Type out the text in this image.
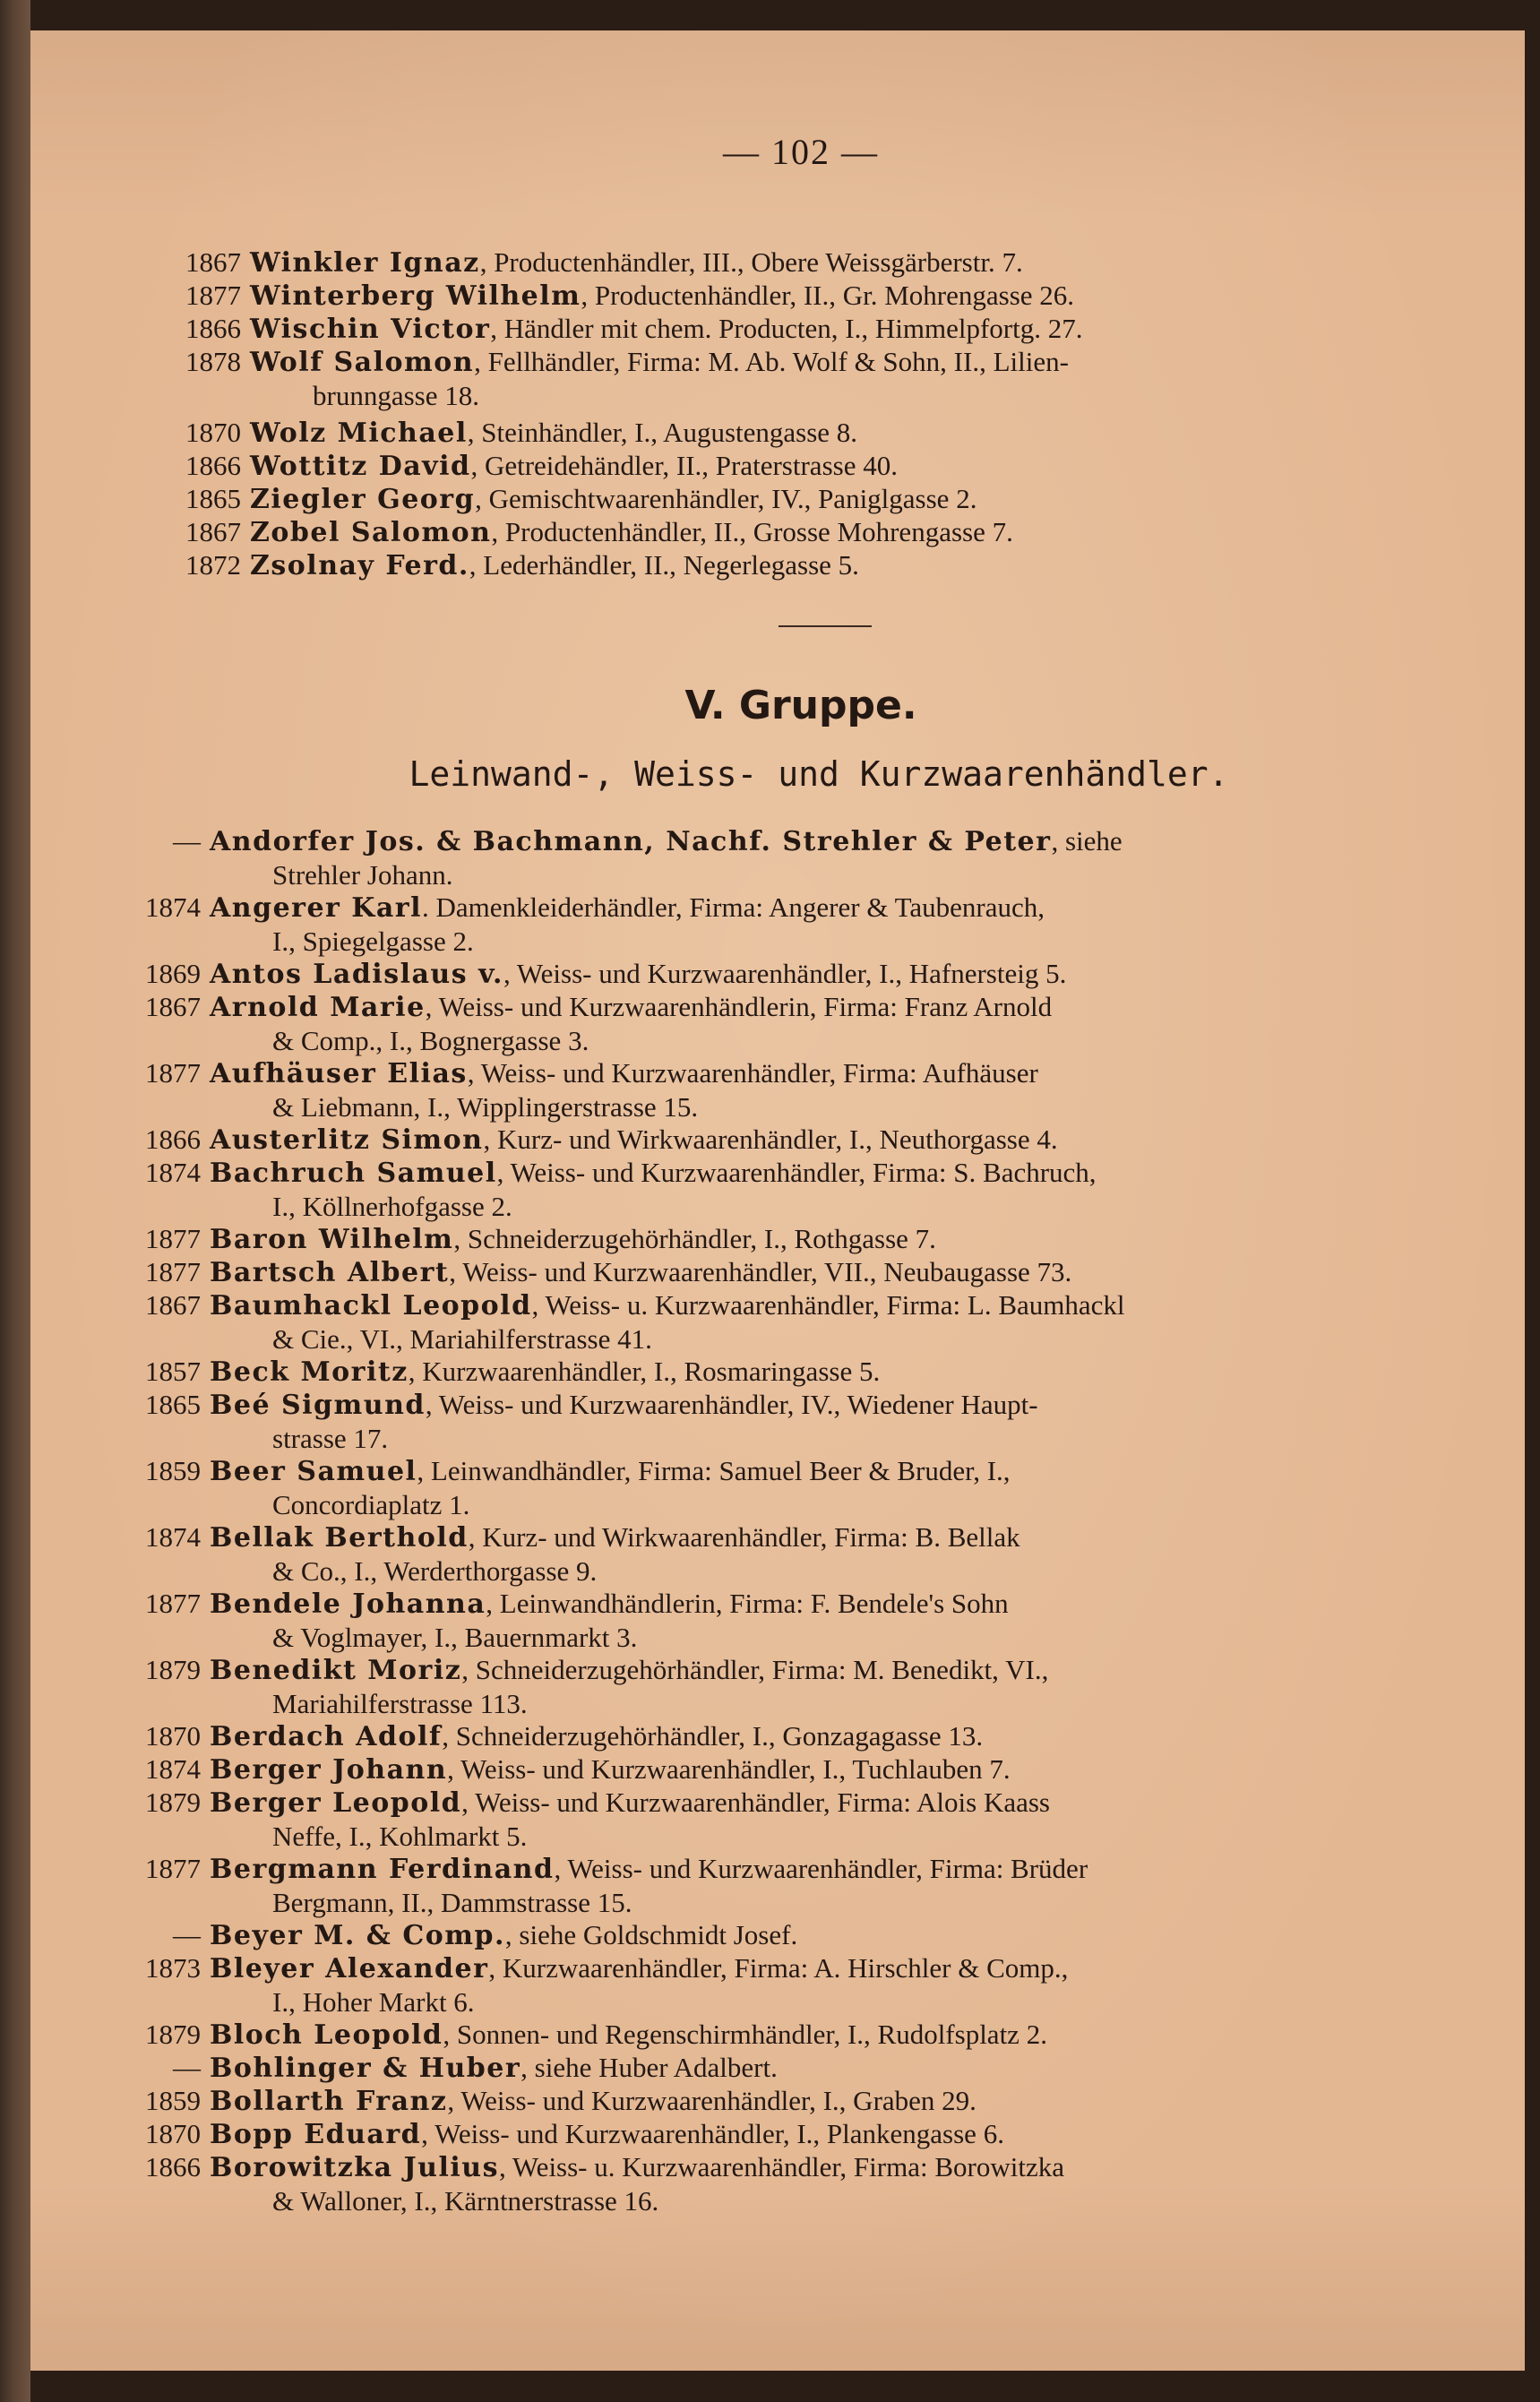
— 102 —
1867 Winkler Ignaz, Productenhändler, III., Obere Weissgärberstr. 7.
1877 Winterberg Wilhelm, Productenhändler, II., Gr. Mohrengasse 26.
1866 Wischin Victor, Händler mit chem. Producten, I., Himmelpfortg. 27.
1878 Wolf Salomon, Fellhändler, Firma: M. Ab. Wolf & Sohn, II., Lilien-
brunngasse 18.
1870 Wolz Michael, Steinhändler, I., Augustengasse 8.
1866 Wottitz David, Getreidehändler, II., Praterstrasse 40.
1865 Ziegler Georg, Gemischtwaarenhändler, IV., Paniglgasse 2.
1867 Zobel Salomon, Productenhändler, II., Grosse Mohrengasse 7.
1872 Zsolnay Ferd., Lederhändler, II., Negerlegasse 5.
V. Gruppe.
Leinwand-, Weiss- und Kurzwaarenhändler.
— Andorfer Jos. & Bachmann, Nachf. Strehler & Peter, siehe
Strehler Johann.
1874 Angerer Karl. Damenkleiderhändler, Firma: Angerer & Taubenrauch,
I., Spiegelgasse 2.
1869 Antos Ladislaus v., Weiss- und Kurzwaarenhändler, I., Hafnersteig 5.
1867 Arnold Marie, Weiss- und Kurzwaarenhändlerin, Firma: Franz Arnold
& Comp., I., Bognergasse 3.
1877 Aufhäuser Elias, Weiss- und Kurzwaarenhändler, Firma: Aufhäuser
& Liebmann, I., Wipplingerstrasse 15.
1866 Austerlitz Simon, Kurz- und Wirkwaarenhändler, I., Neuthorgasse 4.
1874 Bachruch Samuel, Weiss- und Kurzwaarenhändler, Firma: S. Bachruch,
I., Köllnerhofgasse 2.
1877 Baron Wilhelm, Schneiderzugehörhändler, I., Rothgasse 7.
1877 Bartsch Albert, Weiss- und Kurzwaarenhändler, VII., Neubaugasse 73.
1867 Baumhackl Leopold, Weiss- u. Kurzwaarenhändler, Firma: L. Baumhackl
& Cie., VI., Mariahilferstrasse 41.
1857 Beck Moritz, Kurzwaarenhändler, I., Rosmaringasse 5.
1865 Beé Sigmund, Weiss- und Kurzwaarenhändler, IV., Wiedener Haupt-
strasse 17.
1859 Beer Samuel, Leinwandhändler, Firma: Samuel Beer & Bruder, I.,
Concordiaplatz 1.
1874 Bellak Berthold, Kurz- und Wirkwaarenhändler, Firma: B. Bellak
& Co., I., Werderthorgasse 9.
1877 Bendele Johanna, Leinwandhändlerin, Firma: F. Bendele's Sohn
& Voglmayer, I., Bauernmarkt 3.
1879 Benedikt Moriz, Schneiderzugehörhändler, Firma: M. Benedikt, VI.,
Mariahilferstrasse 113.
1870 Berdach Adolf, Schneiderzugehörhändler, I., Gonzagagasse 13.
1874 Berger Johann, Weiss- und Kurzwaarenhändler, I., Tuchlauben 7.
1879 Berger Leopold, Weiss- und Kurzwaarenhändler, Firma: Alois Kaass
Neffe, I., Kohlmarkt 5.
1877 Bergmann Ferdinand, Weiss- und Kurzwaarenhändler, Firma: Brüder
Bergmann, II., Dammstrasse 15.
— Beyer M. & Comp., siehe Goldschmidt Josef.
1873 Bleyer Alexander, Kurzwaarenhändler, Firma: A. Hirschler & Comp.,
I., Hoher Markt 6.
1879 Bloch Leopold, Sonnen- und Regenschirmhändler, I., Rudolfsplatz 2.
— Bohlinger & Huber, siehe Huber Adalbert.
1859 Bollarth Franz, Weiss- und Kurzwaarenhändler, I., Graben 29.
1870 Bopp Eduard, Weiss- und Kurzwaarenhändler, I., Plankengasse 6.
1866 Borowitzka Julius, Weiss- u. Kurzwaarenhändler, Firma: Borowitzka
& Walloner, I., Kärntnerstrasse 16.
